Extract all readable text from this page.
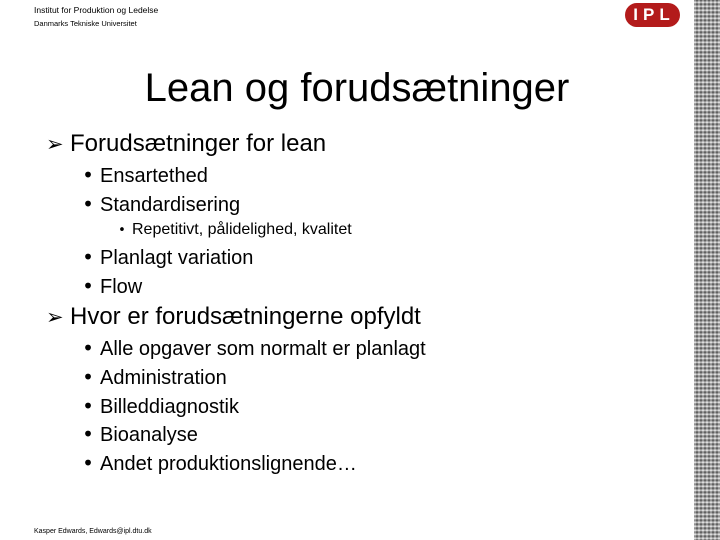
Institut for Produktion og Ledelse
Danmarks Tekniske Universitet	IPL
Lean og forudsætninger
➢ Forudsætninger for lean
• Ensartethed
• Standardisering
• Repetitivt, pålidelighed, kvalitet
• Planlagt variation
• Flow
➢ Hvor er forudsætningerne opfyldt
• Alle opgaver som normalt er planlagt
• Administration
• Billeddiagnostik
• Bioanalyse
• Andet produktionslignende…
Kasper Edwards, Edwards@ipl.dtu.dk
